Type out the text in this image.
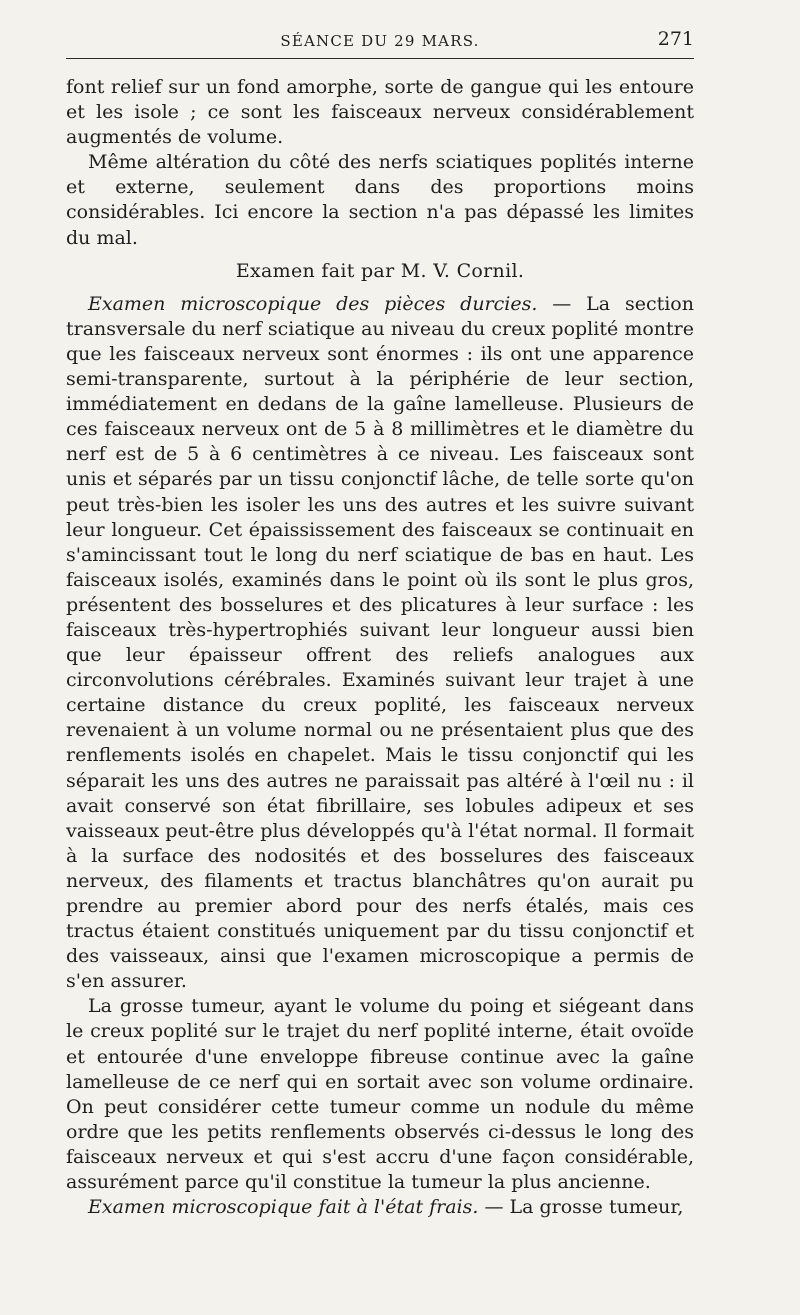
SÉANCE DU 29 MARS.	271

font relief sur un fond amorphe, sorte de gangue qui les entoure et les isole ; ce sont les faisceaux nerveux considérablement augmentés de volume.

Même altération du côté des nerfs sciatiques poplités interne et externe, seulement dans des proportions moins considérables. Ici encore la section n'a pas dépassé les limites du mal.

Examen fait par M. V. Cornil.

Examen microscopique des pièces durcies. — La section transversale du nerf sciatique au niveau du creux poplité montre que les faisceaux nerveux sont énormes : ils ont une apparence semi-transparente, surtout à la périphérie de leur section, immédiatement en dedans de la gaîne lamelleuse. Plusieurs de ces faisceaux nerveux ont de 5 à 8 millimètres et le diamètre du nerf est de 5 à 6 centimètres à ce niveau. Les faisceaux sont unis et séparés par un tissu conjonctif lâche, de telle sorte qu'on peut très-bien les isoler les uns des autres et les suivre suivant leur longueur. Cet épaississement des faisceaux se continuait en s'amincissant tout le long du nerf sciatique de bas en haut. Les faisceaux isolés, examinés dans le point où ils sont le plus gros, présentent des bosselures et des plicatures à leur surface : les faisceaux très-hypertrophiés suivant leur longueur aussi bien que leur épaisseur offrent des reliefs analogues aux circonvolutions cérébrales. Examinés suivant leur trajet à une certaine distance du creux poplité, les faisceaux nerveux revenaient à un volume normal ou ne présentaient plus que des renflements isolés en chapelet. Mais le tissu conjonctif qui les séparait les uns des autres ne paraissait pas altéré à l'œil nu : il avait conservé son état fibrillaire, ses lobules adipeux et ses vaisseaux peut-être plus développés qu'à l'état normal. Il formait à la surface des nodosités et des bosselures des faisceaux nerveux, des filaments et tractus blanchâtres qu'on aurait pu prendre au premier abord pour des nerfs étalés, mais ces tractus étaient constitués uniquement par du tissu conjonctif et des vaisseaux, ainsi que l'examen microscopique a permis de s'en assurer.

La grosse tumeur, ayant le volume du poing et siégeant dans le creux poplité sur le trajet du nerf poplité interne, était ovoïde et entourée d'une enveloppe fibreuse continue avec la gaîne lamelleuse de ce nerf qui en sortait avec son volume ordinaire. On peut considérer cette tumeur comme un nodule du même ordre que les petits renflements observés ci-dessus le long des faisceaux nerveux et qui s'est accru d'une façon considérable, assurément parce qu'il constitue la tumeur la plus ancienne.

Examen microscopique fait à l'état frais. — La grosse tumeur,
